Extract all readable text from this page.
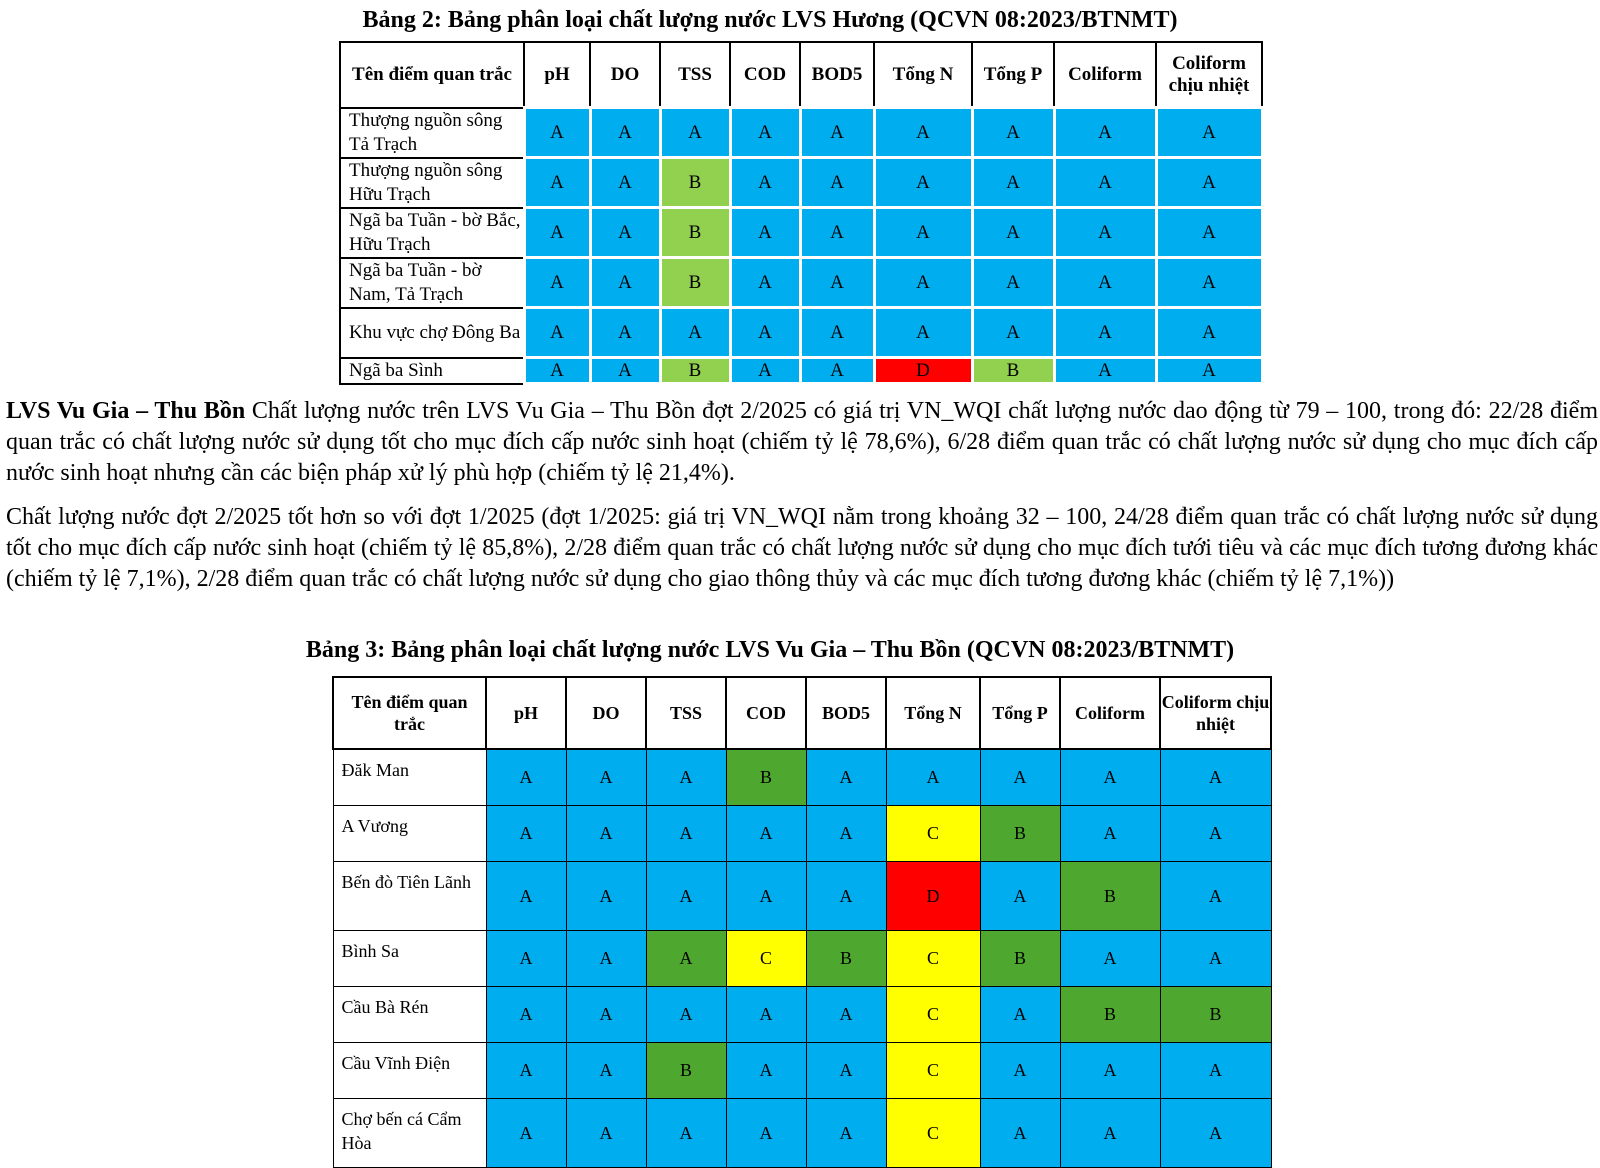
Bảng 2: Bảng phân loại chất lượng nước LVS Hương (QCVN 08:2023/BTNMT)
Tên điểm quan trắc	pH	DO	TSS	COD	BOD5	Tổng N	Tổng P	Coliform	Coliform chịu nhiệt
Thượng nguồn sông Tả Trạch	A	A	A	A	A	A	A	A	A
Thượng nguồn sông Hữu Trạch	A	A	B	A	A	A	A	A	A
Ngã ba Tuần - bờ Bắc, Hữu Trạch	A	A	B	A	A	A	A	A	A
Ngã ba Tuần - bờ Nam, Tả Trạch	A	A	B	A	A	A	A	A	A
Khu vực chợ Đông Ba	A	A	A	A	A	A	A	A	A
Ngã ba Sình	A	A	B	A	A	D	B	A	A

LVS Vu Gia – Thu Bồn Chất lượng nước trên LVS Vu Gia – Thu Bồn đợt 2/2025 có giá trị VN_WQI chất lượng nước dao động từ 79 – 100, trong đó: 22/28 điểm quan trắc có chất lượng nước sử dụng tốt cho mục đích cấp nước sinh hoạt (chiếm tỷ lệ 78,6%), 6/28 điểm quan trắc có chất lượng nước sử dụng cho mục đích cấp nước sinh hoạt nhưng cần các biện pháp xử lý phù hợp (chiếm tỷ lệ 21,4%).

Chất lượng nước đợt 2/2025 tốt hơn so với đợt 1/2025 (đợt 1/2025: giá trị VN_WQI nằm trong khoảng 32 – 100, 24/28 điểm quan trắc có chất lượng nước sử dụng tốt cho mục đích cấp nước sinh hoạt (chiếm tỷ lệ 85,8%), 2/28 điểm quan trắc có chất lượng nước sử dụng cho mục đích tưới tiêu và các mục đích tương đương khác (chiếm tỷ lệ 7,1%), 2/28 điểm quan trắc có chất lượng nước sử dụng cho giao thông thủy và các mục đích tương đương khác (chiếm tỷ lệ 7,1%))

Bảng 3: Bảng phân loại chất lượng nước LVS Vu Gia – Thu Bồn (QCVN 08:2023/BTNMT)
Tên điểm quan trắc	pH	DO	TSS	COD	BOD5	Tổng N	Tổng P	Coliform	Coliform chịu nhiệt
Đăk Man	A	A	A	B	A	A	A	A	A
A Vương	A	A	A	A	A	C	B	A	A
Bến đò Tiên Lãnh	A	A	A	A	A	D	A	B	A
Bình Sa	A	A	A	C	B	C	B	A	A
Cầu Bà Rén	A	A	A	A	A	C	A	B	B
Cầu Vĩnh Điện	A	A	B	A	A	C	A	A	A
Chợ bến cá Cẩm Hòa	A	A	A	A	A	C	A	A	A
